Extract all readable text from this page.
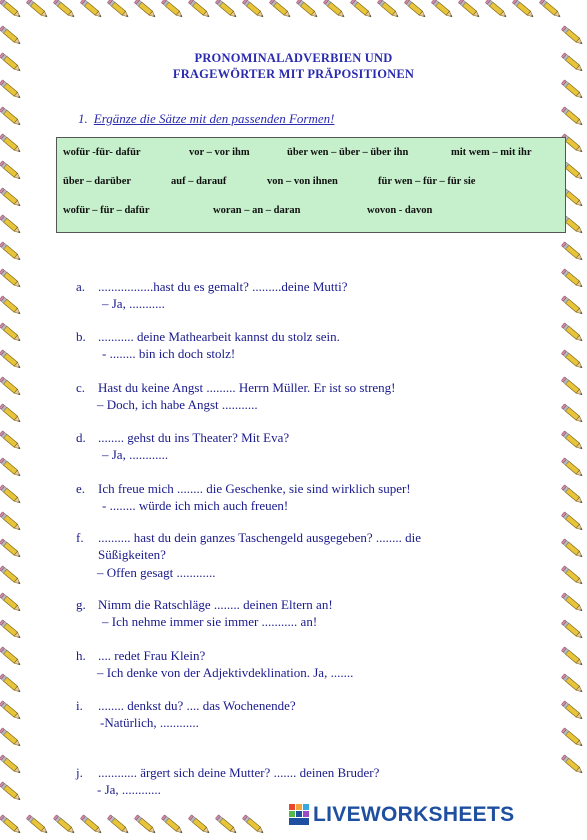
PRONOMINALADVERBIEN UND
FRAGEWÖRTER MIT PRÄPOSITIONEN
1. Ergänze die Sätze mit den passenden Formen!
wofür -für- dafür	vor – vor ihm	über wen – über – über ihn	mit wem – mit ihr
über – darüber	auf – darauf	von – von ihnen	für wen – für – für sie
wofür – für – dafür	woran – an – daran	wovon - davon
a. .................hast du es gemalt? .........deine Mutti?
– Ja, ...........
b. ........... deine Mathearbeit kannst du stolz sein.
- ........ bin ich doch stolz!
c. Hast du keine Angst ......... Herrn Müller. Er ist so streng!
– Doch, ich habe Angst ...........
d. ........ gehst du ins Theater? Mit Eva?
– Ja, ............
e. Ich freue mich ........ die Geschenke, sie sind wirklich super!
- ........ würde ich mich auch freuen!
f. .......... hast du dein ganzes Taschengeld ausgegeben? ........ die
Süßigkeiten?
– Offen gesagt ............
g. Nimm die Ratschläge ........ deinen Eltern an!
– Ich nehme immer sie immer ........... an!
h. .... redet Frau Klein?
– Ich denke von der Adjektivdeklination. Ja, .......
i. ........ denkst du? .... das Wochenende?
-Natürlich, ............
j. ............ ärgert sich deine Mutter? ....... deinen Bruder?
- Ja, ............
LIVEWORKSHEETS
